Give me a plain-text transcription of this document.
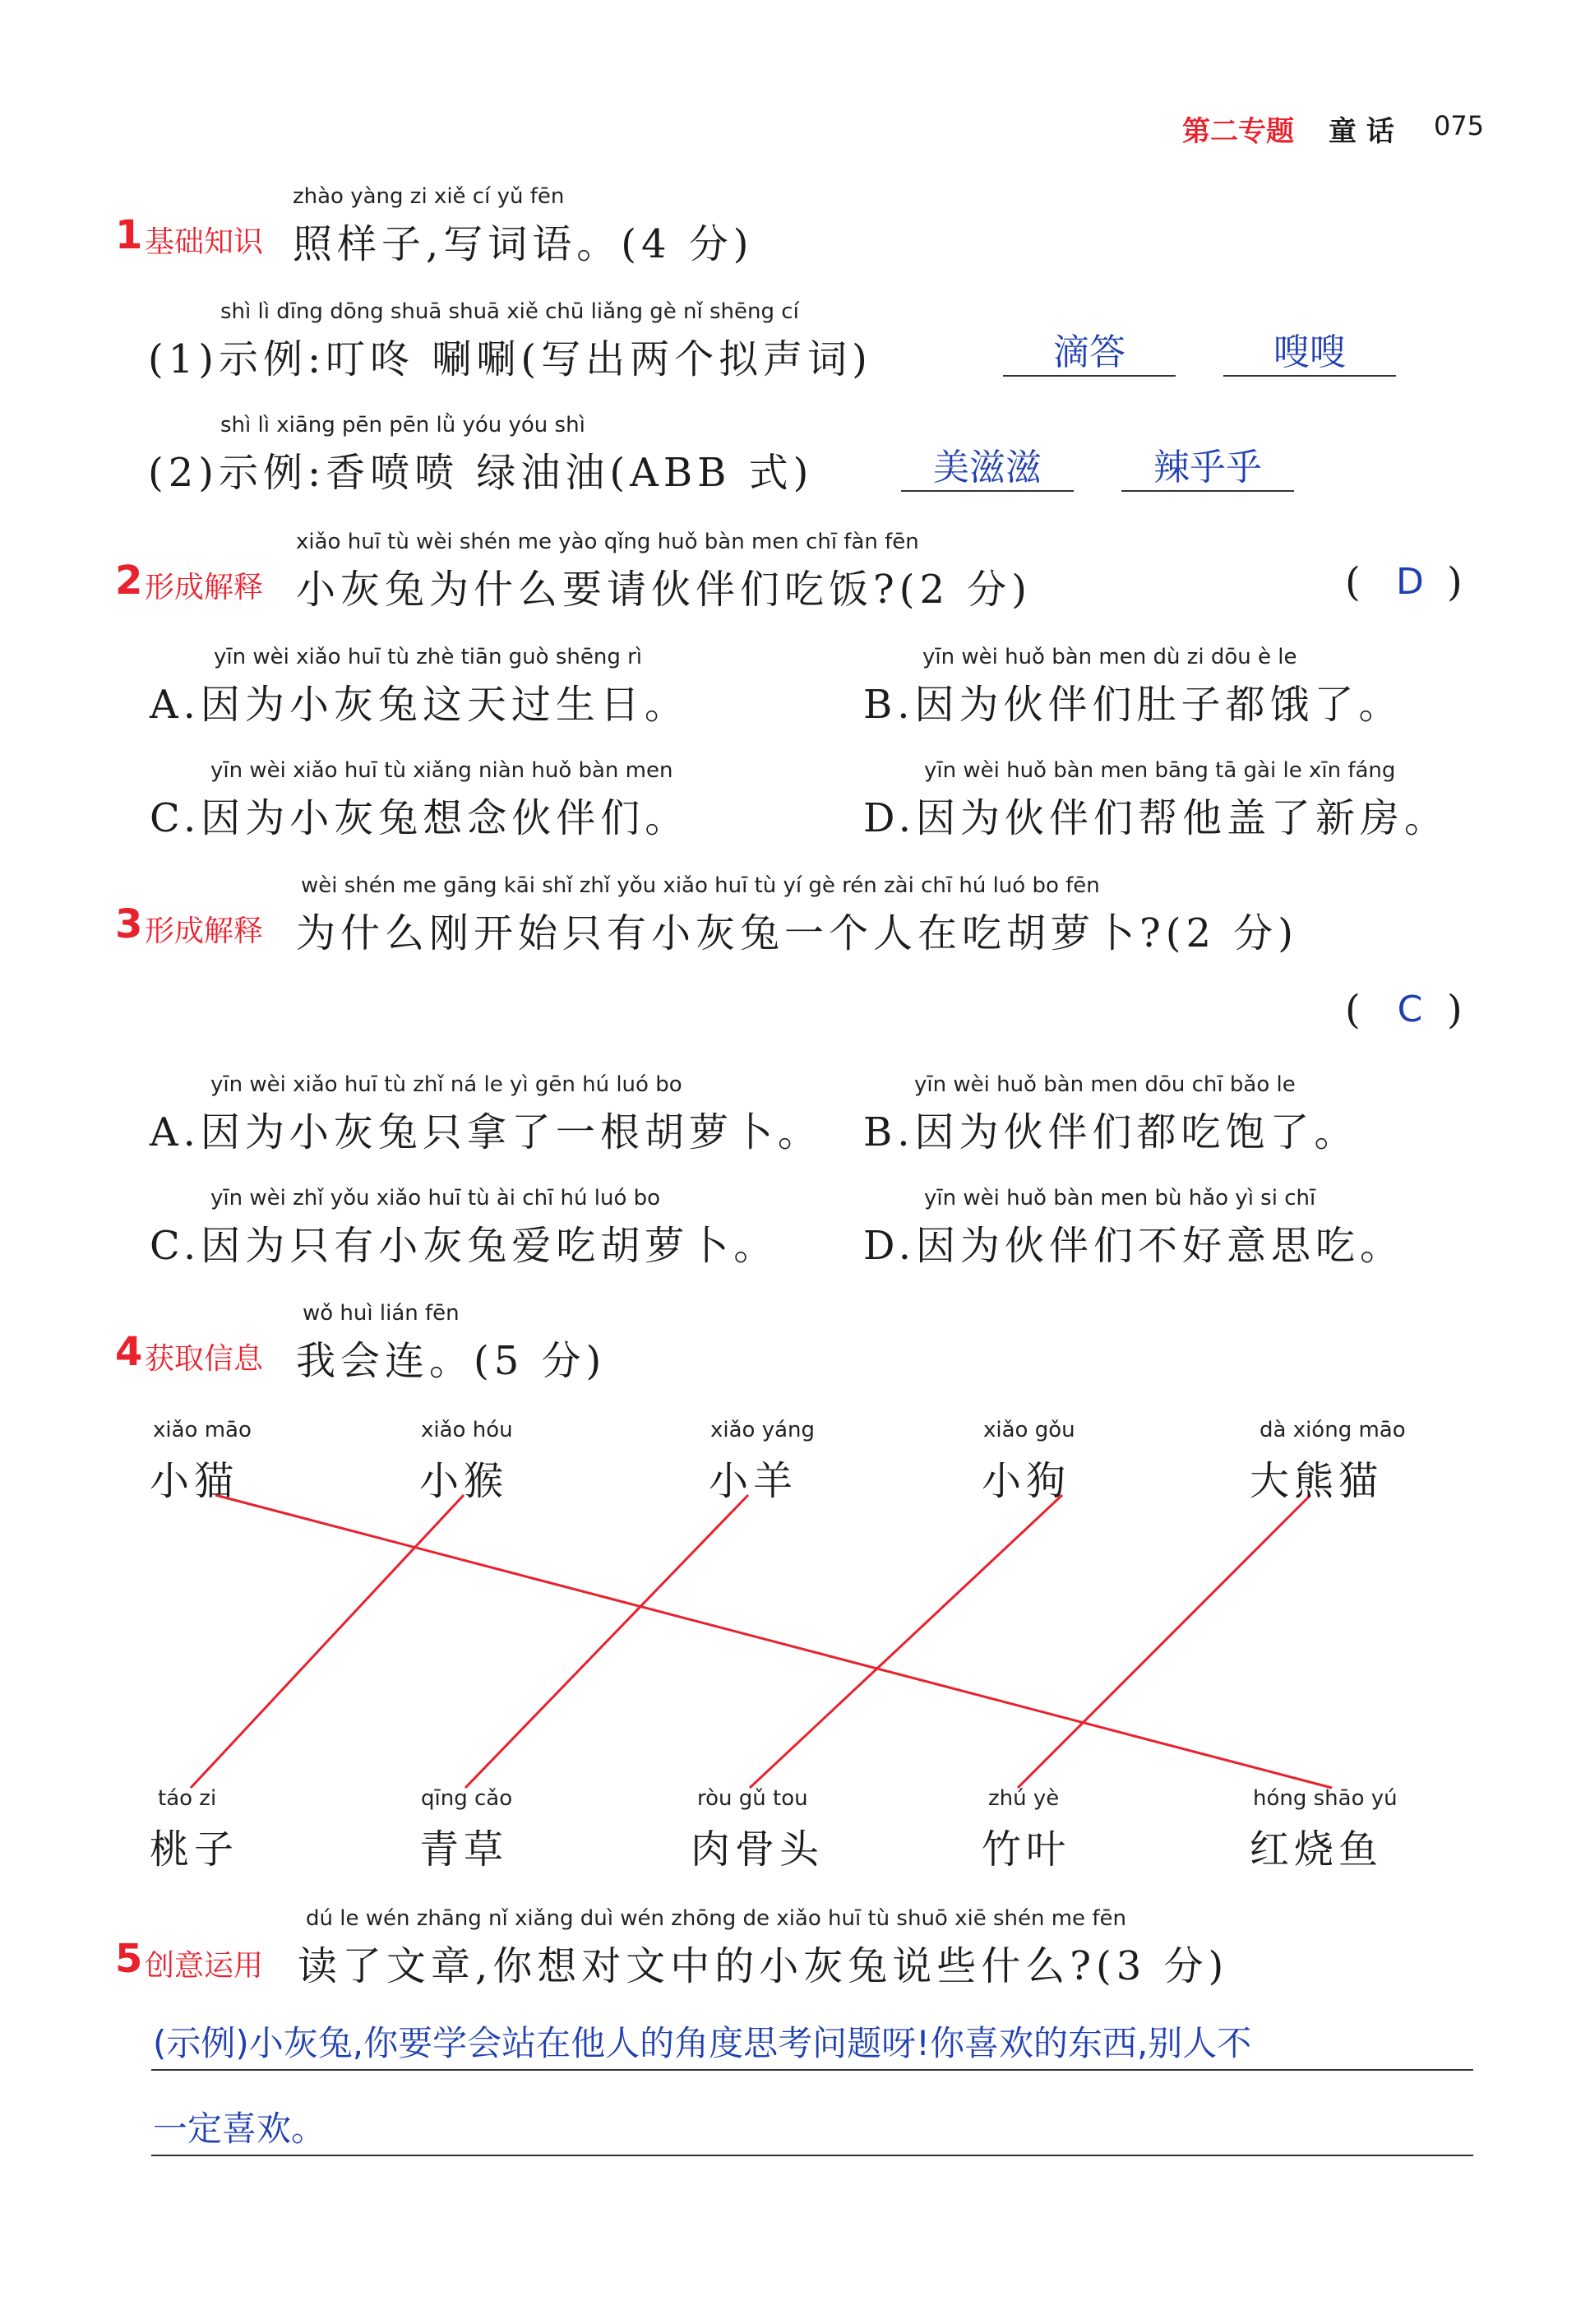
第二专题 童 话 075
1 基础知识
zhào yàng zi xiě cí yǔ fēn
照样子,写词语。(4 分)
shì lì dīng dōng shuā shuā xiě chū liǎng gè nǐ shēng cí
(1)示例:叮咚 唰唰(写出两个拟声词)	滴答	嗖嗖
shì lì xiāng pēn pēn lǜ yóu yóu shì
(2)示例:香喷喷 绿油油(ABB 式)	美滋滋	辣乎乎
2 形成解释
xiǎo huī tù wèi shén me yào qǐng huǒ bàn men chī fàn fēn
小灰兔为什么要请伙伴们吃饭?(2 分)	( D )
yīn wèi xiǎo huī tù zhè tiān guò shēng rì
A.因为小灰兔这天过生日。
yīn wèi huǒ bàn men dù zi dōu è le
B.因为伙伴们肚子都饿了。
yīn wèi xiǎo huī tù xiǎng niàn huǒ bàn men
C.因为小灰兔想念伙伴们。
yīn wèi huǒ bàn men bāng tā gài le xīn fáng
D.因为伙伴们帮他盖了新房。
3 形成解释
wèi shén me gāng kāi shǐ zhǐ yǒu xiǎo huī tù yí gè rén zài chī hú luó bo fēn
为什么刚开始只有小灰兔一个人在吃胡萝卜?(2 分)
( C )
yīn wèi xiǎo huī tù zhǐ ná le yì gēn hú luó bo
A.因为小灰兔只拿了一根胡萝卜。
yīn wèi huǒ bàn men dōu chī bǎo le
B.因为伙伴们都吃饱了。
yīn wèi zhǐ yǒu xiǎo huī tù ài chī hú luó bo
C.因为只有小灰兔爱吃胡萝卜。
yīn wèi huǒ bàn men bù hǎo yì si chī
D.因为伙伴们不好意思吃。
4 获取信息
wǒ huì lián fēn
我会连。(5 分)
xiǎo māo
小猫
xiǎo hóu
小猴
xiǎo yáng
小羊
xiǎo gǒu
小狗
dà xióng māo
大熊猫
táo zi
桃子
qīng cǎo
青草
ròu gǔ tou
肉骨头
zhú yè
竹叶
hóng shāo yú
红烧鱼
5 创意运用
dú le wén zhāng nǐ xiǎng duì wén zhōng de xiǎo huī tù shuō xiē shén me fēn
读了文章,你想对文中的小灰兔说些什么?(3 分)
(示例)小灰兔,你要学会站在他人的角度思考问题呀!你喜欢的东西,别人不
一定喜欢。
